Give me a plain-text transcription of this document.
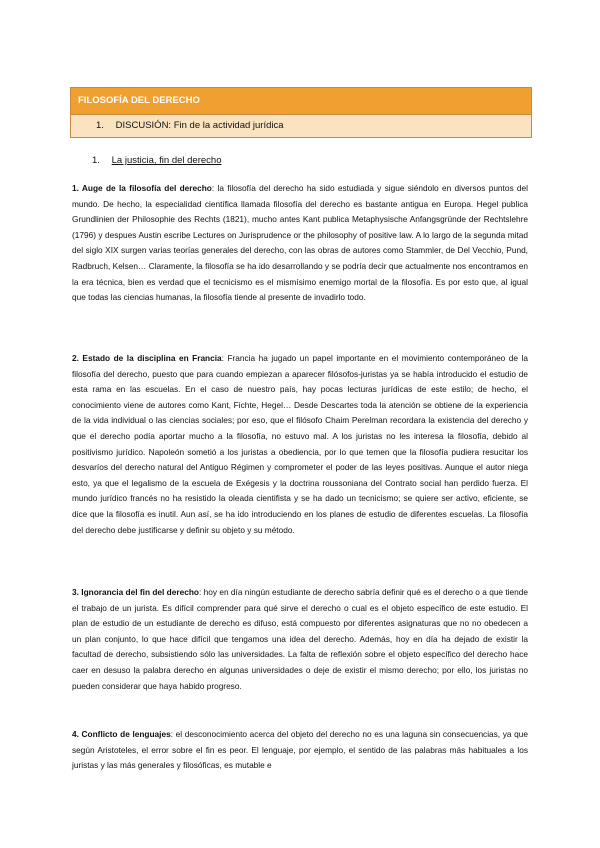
FILOSOFÍA DEL DERECHO
1. DISCUSIÓN: Fin de la actividad jurídica
1. La justicia, fin del derecho

1. Auge de la filosofía del derecho: la filosofía del derecho ha sido estudiada y sigue siéndolo en diversos puntos del mundo. De hecho, la especialidad científica llamada filosofía del derecho es bastante antigua en Europa. Hegel publica Grundlinien der Philosophie des Rechts (1821), mucho antes Kant publica Metaphysische Anfangsgründe der Rechtslehre (1796) y despues Austin escribe Lectures on Jurisprudence or the philosophy of positive law. A lo largo de la segunda mitad del siglo XIX surgen varias teorías generales del derecho, con las obras de autores como Stammler, de Del Vecchio, Pund, Radbruch, Kelsen… Claramente, la filosofía se ha ido desarrollando y se podría decir que actualmente nos encontramos en la era técnica, bien es verdad que el tecnicismo es el mismísimo enemigo mortal de la filosofía. Es por esto que, al igual que todas las ciencias humanas, la filosofía tiende al presente de invadirlo todo.

2. Estado de la disciplina en Francia: Francia ha jugado un papel importante en el movimiento contemporáneo de la filosofía del derecho, puesto que para cuando empiezan a aparecer filósofos-juristas ya se había introducido el estudio de esta rama en las escuelas. En el caso de nuestro país, hay pocas lecturas jurídicas de este estilo; de hecho, el conocimiento viene de autores como Kant, Fichte, Hegel… Desde Descartes toda la atención se obtiene de la experiencia de la vida individual o las ciencias sociales; por eso, que el filósofo Chaim Perelman recordara la existencia del derecho y que el derecho podía aportar mucho a la filosofía, no estuvo mal. A los juristas no les interesa la filosofía, debido al positivismo jurídico. Napoleón sometió a los juristas a obediencia, por lo que temen que la filosofía pudiera resucitar los desvaríos del derecho natural del Antiguo Régimen y comprometer el poder de las leyes positivas. Aunque el autor niega esto, ya que el legalismo de la escuela de Exégesis y la doctrina roussoniana del Contrato social han perdido fuerza. El mundo jurídico francés no ha resistido la oleada cientifista y se ha dado un tecnicismo; se quiere ser activo, eficiente, se dice que la filosofía es inutil. Aun así, se ha ido introduciendo en los planes de estudio de diferentes escuelas. La filosofía del derecho debe justificarse y definir su objeto y su método.

3. Ignorancia del fin del derecho: hoy en día ningún estudiante de derecho sabría definir qué es el derecho o a que tiende el trabajo de un jurista. Es difícil comprender para qué sirve el derecho o cual es el objeto específico de este estudio. El plan de estudio de un estudiante de derecho es difuso, está compuesto por diferentes asignaturas que no no obedecen a un plan conjunto, lo que hace difícil que tengamos una idea del derecho. Además, hoy en día ha dejado de existir la facultad de derecho, subsistiendo sólo las universidades. La falta de reflexión sobre el objeto específico del derecho hace caer en desuso la palabra derecho en algunas universidades o deje de existir el mismo derecho; por ello, los juristas no pueden considerar que haya habido progreso.

4. Conflicto de lenguajes: el desconocimiento acerca del objeto del derecho no es una laguna sin consecuencias, ya que según Aristoteles, el error sobre el fin es peor. El lenguaje, por ejemplo, el sentido de las palabras más habituales a los juristas y las más generales y filosóficas, es mutable e
